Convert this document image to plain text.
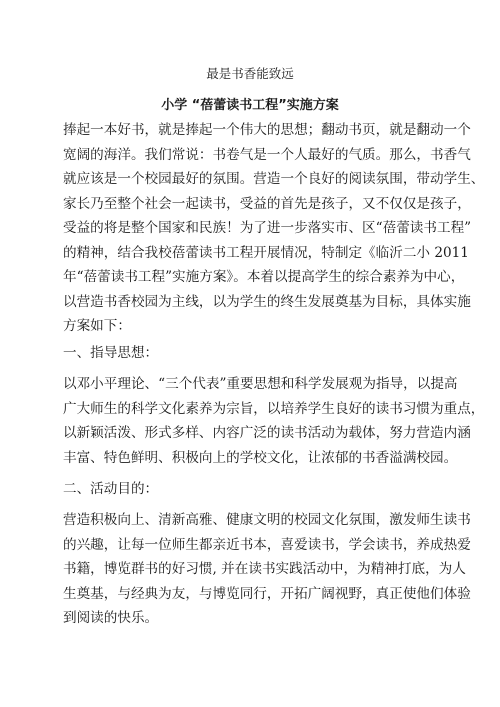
最是书香能致远
小学 “蓓蕾读书工程”实施方案
捧起一本好书，就是捧起一个伟大的思想；翻动书页，就是翻动一个
宽阔的海洋。我们常说：书卷气是一个人最好的气质。那么，书香气
就应该是一个校园最好的氛围。营造一个良好的阅读氛围，带动学生、
家长乃至整个社会一起读书，受益的首先是孩子，又不仅仅是孩子，
受益的将是整个国家和民族！为了进一步落实市、区“蓓蕾读书工程”
的精神，结合我校蓓蕾读书工程开展情况，特制定《临沂二小 2011
年“蓓蕾读书工程”实施方案》。本着以提高学生的综合素养为中心，
以营造书香校园为主线，以为学生的终生发展奠基为目标，具体实施
方案如下：
一、指导思想：
以邓小平理论、“三个代表”重要思想和科学发展观为指导，以提高
广大师生的科学文化素养为宗旨，以培养学生良好的读书习惯为重点，
以新颖活泼、形式多样、内容广泛的读书活动为载体，努力营造内涵
丰富、特色鲜明、积极向上的学校文化，让浓郁的书香溢满校园。
二、活动目的：
营造积极向上、清新高雅、健康文明的校园文化氛围，激发师生读书
的兴趣，让每一位师生都亲近书本，喜爱读书，学会读书，养成热爱
书籍，博览群书的好习惯, 并在读书实践活动中，为精神打底，为人
生奠基，与经典为友，与博览同行，开拓广阔视野，真正使他们体验
到阅读的快乐。
